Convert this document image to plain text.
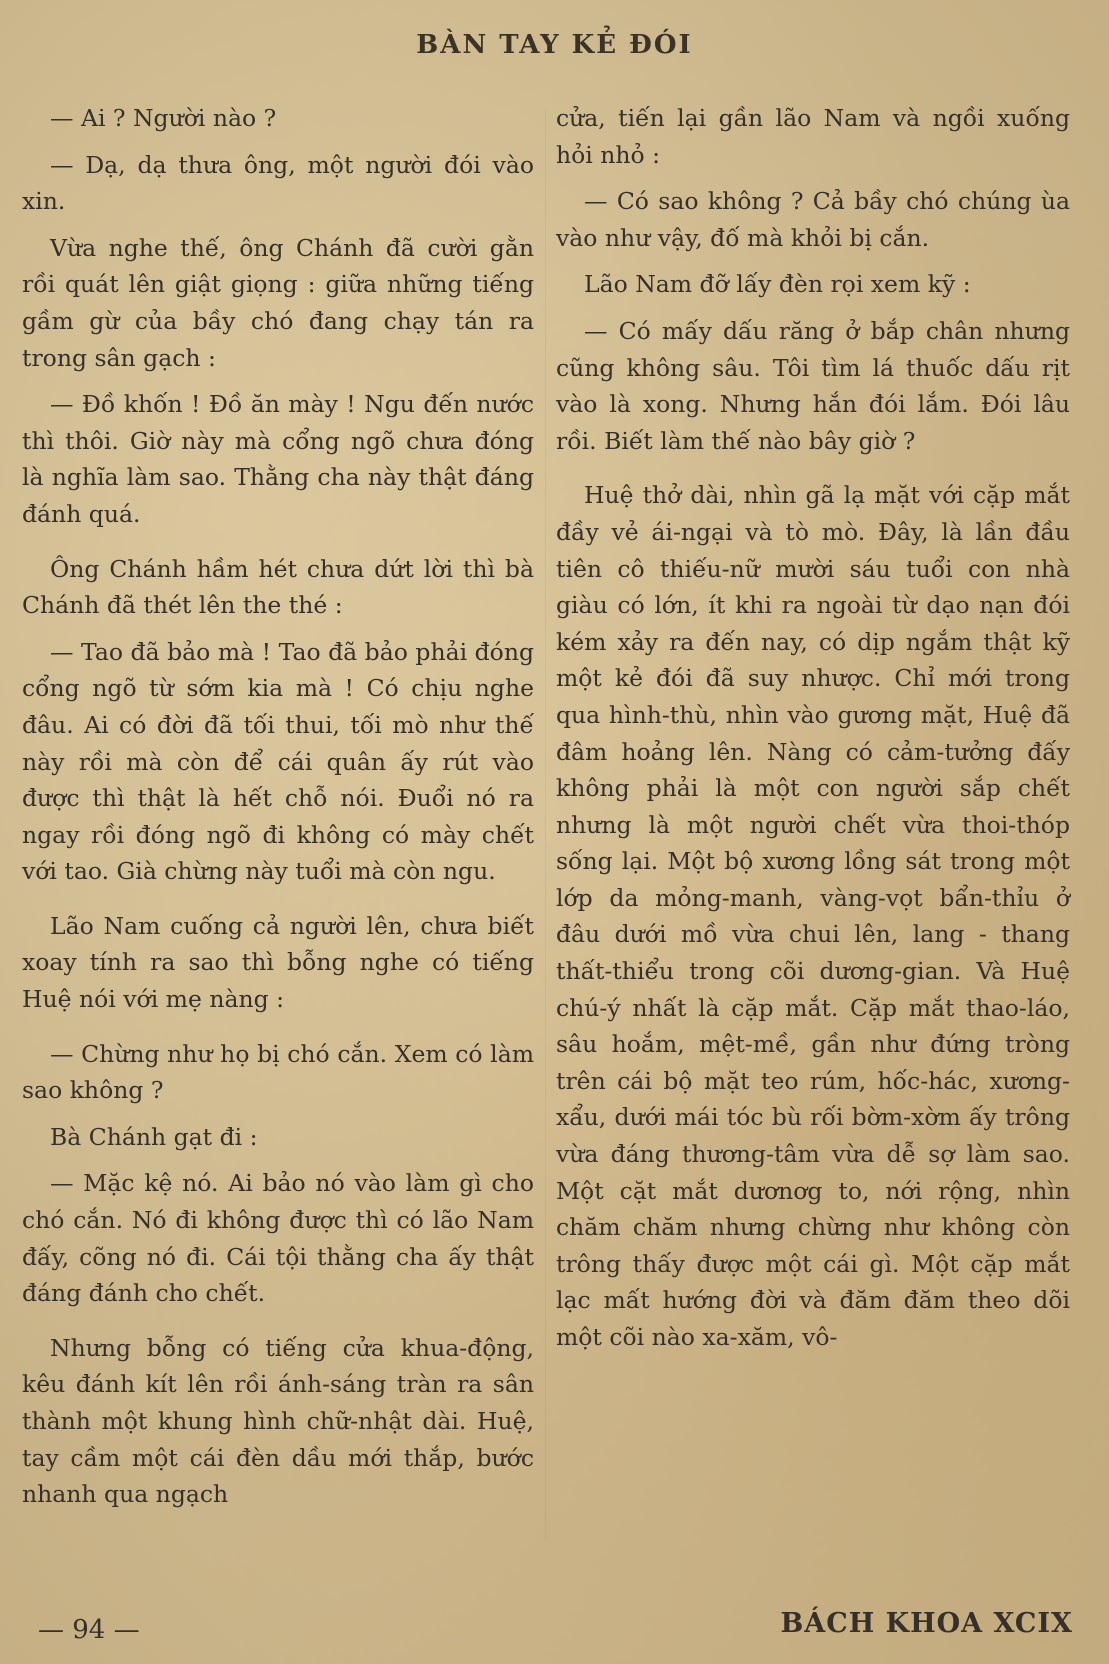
BÀN TAY KẺ ĐÓI

— Ai ? Người nào ?

— Dạ, dạ thưa ông, một người đói vào xin.

Vừa nghe thế, ông Chánh đã cười gằn rồi quát lên giật giọng : giữa những tiếng gầm gừ của bầy chó đang chạy tán ra trong sân gạch :

— Đồ khốn ! Đồ ăn mày ! Ngu đến nước thì thôi. Giờ này mà cổng ngõ chưa đóng là nghĩa làm sao. Thằng cha này thật đáng đánh quá.

Ông Chánh hầm hét chưa dứt lời thì bà Chánh đã thét lên the thé :

— Tao đã bảo mà ! Tao đã bảo phải đóng cổng ngõ từ sớm kia mà ! Có chịu nghe đâu. Ai có đời đã tối thui, tối mò như thế này rồi mà còn để cái quân ấy rút vào được thì thật là hết chỗ nói. Đuổi nó ra ngay rồi đóng ngõ đi không có mày chết với tao. Già chừng này tuổi mà còn ngu.

Lão Nam cuống cả người lên, chưa biết xoay tính ra sao thì bỗng nghe có tiếng Huệ nói với mẹ nàng :

— Chừng như họ bị chó cắn. Xem có làm sao không ?

Bà Chánh gạt đi :

— Mặc kệ nó. Ai bảo nó vào làm gì cho chó cắn. Nó đi không được thì có lão Nam đấy, cõng nó đi. Cái tội thằng cha ấy thật đáng đánh cho chết.

Nhưng bỗng có tiếng cửa khua-động, kêu đánh kít lên rồi ánh-sáng tràn ra sân thành một khung hình chữ-nhật dài. Huệ, tay cầm một cái đèn dầu mới thắp, bước nhanh qua ngạch

cửa, tiến lại gần lão Nam và ngồi xuống hỏi nhỏ :

— Có sao không ? Cả bầy chó chúng ùa vào như vậy, đố mà khỏi bị cắn.

Lão Nam đỡ lấy đèn rọi xem kỹ :

— Có mấy dấu răng ở bắp chân nhưng cũng không sâu. Tôi tìm lá thuốc dấu rịt vào là xong. Nhưng hắn đói lắm. Đói lâu rồi. Biết làm thế nào bây giờ ?

Huệ thở dài, nhìn gã lạ mặt với cặp mắt đầy vẻ ái-ngại và tò mò. Đây, là lần đầu tiên cô thiếu-nữ mười sáu tuổi con nhà giàu có lớn, ít khi ra ngoài từ dạo nạn đói kém xảy ra đến nay, có dịp ngắm thật kỹ một kẻ đói đã suy nhược. Chỉ mới trong qua hình-thù, nhìn vào gương mặt, Huệ đã đâm hoảng lên. Nàng có cảm-tưởng đấy không phải là một con người sắp chết nhưng là một người chết vừa thoi-thóp sống lại. Một bộ xương lồng sát trong một lớp da mỏng-manh, vàng-vọt bẩn-thỉu ở đâu dưới mồ vừa chui lên, lang - thang thất-thiểu trong cõi dương-gian. Và Huệ chú-ý nhất là cặp mắt. Cặp mắt thao-láo, sâu hoắm, mệt-mề, gần như đứng tròng trên cái bộ mặt teo rúm, hốc-hác, xương-xẩu, dưới mái tóc bù rối bờm-xờm ấy trông vừa đáng thương-tâm vừa dễ sợ làm sao. Một cặt mắt dươnơg to, nới rộng, nhìn chăm chăm nhưng chừng như không còn trông thấy được một cái gì. Một cặp mắt lạc mất hướng đời và đăm đăm theo dõi một cõi nào xa-xăm, vô-

— 94 —	BÁCH KHOA XCIX
